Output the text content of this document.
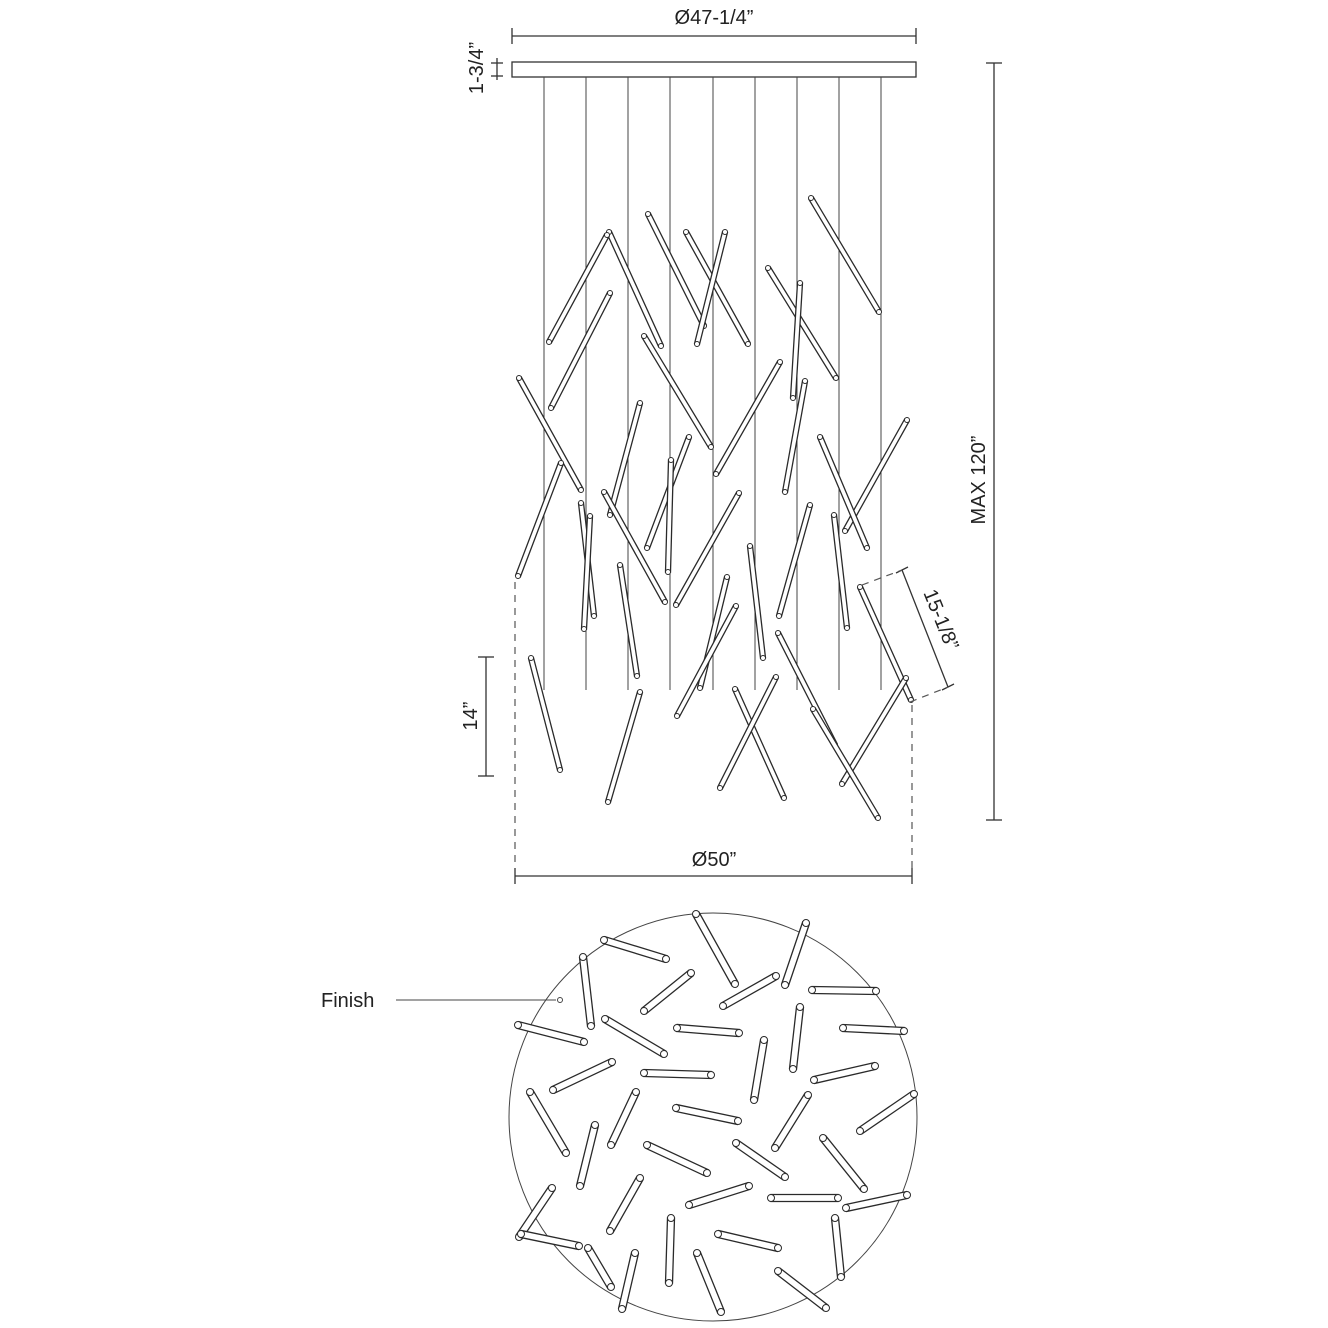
Ø47-1/4”
1-3/4”
MAX 120”
14”
15-1/8”
Ø50”
Finish
